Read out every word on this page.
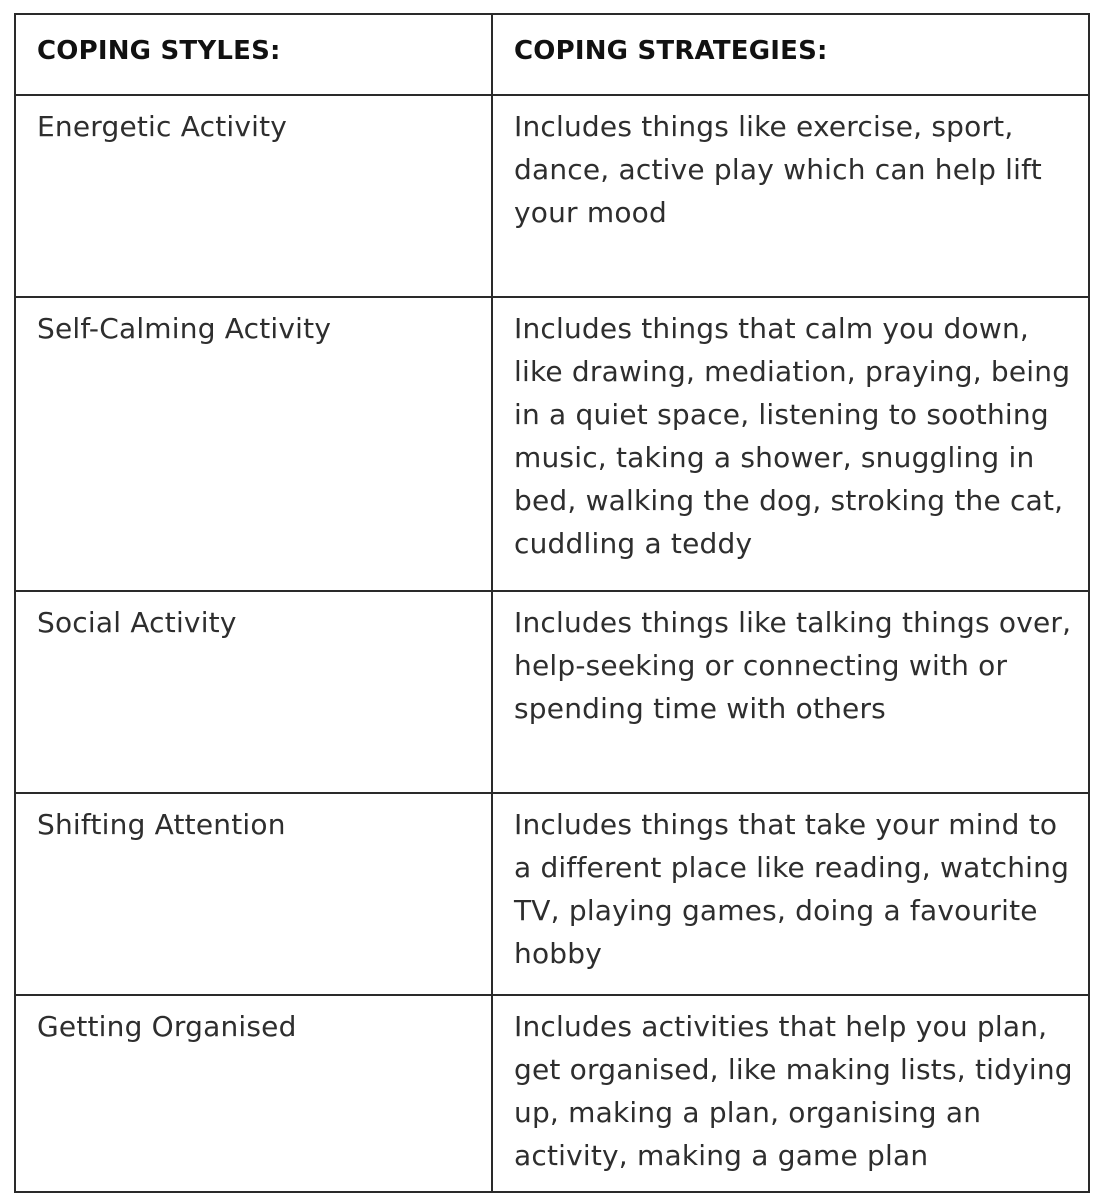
COPING STYLES:	COPING STRATEGIES:
Energetic Activity	Includes things like exercise, sport, dance, active play which can help lift your mood
Self-Calming Activity	Includes things that calm you down, like drawing, mediation, praying, being in a quiet space, listening to soothing music, taking a shower, snuggling in bed, walking the dog, stroking the cat, cuddling a teddy
Social Activity	Includes things like talking things over, help-seeking or connecting with or spending time with others
Shifting Attention	Includes things that take your mind to a different place like reading, watching TV, playing games, doing a favourite hobby
Getting Organised	Includes activities that help you plan, get organised, like making lists, tidying up, making a plan, organising an activity, making a game plan
